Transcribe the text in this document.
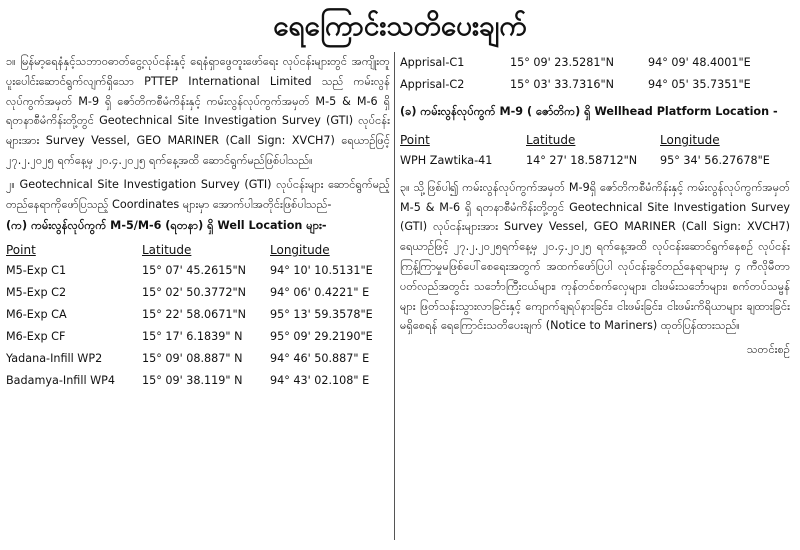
ရေကြောင်းသတိပေးချက်

၁။ မြန်မာ့ရေနံနှင့်သဘာဝဓာတ်ငွေ့လုပ်ငန်းနှင့် ရေနံရှာဖွေတူးဖော်ရေး လုပ်ငန်းများတွင် အကျိုးတူ ပူးပေါင်းဆောင်ရွက်လျက်ရှိသော PTTEP International Limited သည် ကမ်းလွန်လုပ်ကွက်အမှတ် M-9 ရှိ ဇော်တိကစီမံကိန်းနှင့် ကမ်းလွန်လုပ်ကွက်အမှတ် M-5 & M-6 ရှိ ရတနာစီမံကိန်းတို့တွင် Geotechnical Site Investigation Survey (GTI) လုပ်ငန်းများအား Survey Vessel, GEO MARINER (Call Sign: XVCH7) ရေယာဉ်ဖြင့် ၂၇.၂.၂၀၂၅ ရက်နေ့မှ ၂၀.၄.၂၀၂၅ ရက်နေ့အထိ ဆောင်ရွက်မည်ဖြစ်ပါသည်။

၂။ Geotechnical Site Investigation Survey (GTI) လုပ်ငန်းများ ဆောင်ရွက်မည့် တည်နေရာကိုဖော်ပြသည့် Coordinates များမှာ အောက်ပါအတိုင်းဖြစ်ပါသည်-

(က) ကမ်းလွန်လုပ်ကွက် M-5/M-6 (ရတနာ) ရှိ Well Location များ-

Point	Latitude	Longitude
M5-Exp C1	15° 07' 45.2615"N	94° 10' 10.5131"E
M5-Exp C2	15° 02' 50.3772"N	94° 06' 0.4221" E
M6-Exp CA	15° 22' 58.0671"N	95° 13' 59.3578"E
M6-Exp CF	15° 17' 6.1839" N	95° 09' 29.2190"E
Yadana-Infill WP2	15° 09' 08.887" N	94° 46' 50.887" E
Badamya-Infill WP4	15° 09' 38.119" N	94° 43' 02.108" E
Apprisal-C1	15° 09' 23.5281"N	94° 09' 48.4001"E
Apprisal-C2	15° 03' 33.7316"N	94° 05' 35.7351"E

(ခ) ကမ်းလွန်လုပ်ကွက် M-9 ( ဇော်တိက) ရှိ Wellhead Platform Location -

Point	Latitude	Longitude
WPH Zawtika-41	14° 27' 18.58712"N	95° 34' 56.27678"E

၃။ သို့ဖြစ်ပါ၍ ကမ်းလွန်လုပ်ကွက်အမှတ် M-9ရှိ ဇော်တိကစီမံကိန်းနှင့် ကမ်းလွန်လုပ်ကွက်အမှတ် M-5 & M-6 ရှိ ရတနာစီမံကိန်းတို့တွင် Geotechnical Site Investigation Survey (GTI) လုပ်ငန်းများအား Survey Vessel, GEO MARINER (Call Sign: XVCH7) ရေယာဉ်ဖြင့် ၂၇.၂.၂၀၂၅ရက်နေ့မှ ၂၀.၄.၂၀၂၅ ရက်နေ့အထိ လုပ်ငန်းဆောင်ရွက်နေစဉ် လုပ်ငန်းကြန့်ကြာမှုမဖြစ်ပေါ်စေရေးအတွက် အထက်ဖော်ပြပါ လုပ်ငန်းခွင်တည်နေရာများမှ ၄ ကီလိုမီတာ ပတ်လည်အတွင်း သင်္ဘောကြီးငယ်များ၊ ကုန်တင်စက်လှေများ၊ ငါးဖမ်းသင်္ဘောများ၊ စက်တပ်သမ္ဗန်များ ဖြတ်သန်းသွားလာခြင်းနှင့် ကျောက်ချရပ်နားခြင်း၊ ငါးဖမ်းခြင်း၊ ငါးဖမ်းကိရိယာများ ချထားခြင်းမရှိစေရန် ရေကြောင်းသတိပေးချက် (Notice to Mariners) ထုတ်ပြန်ထားသည်။

သတင်းစဉ်
